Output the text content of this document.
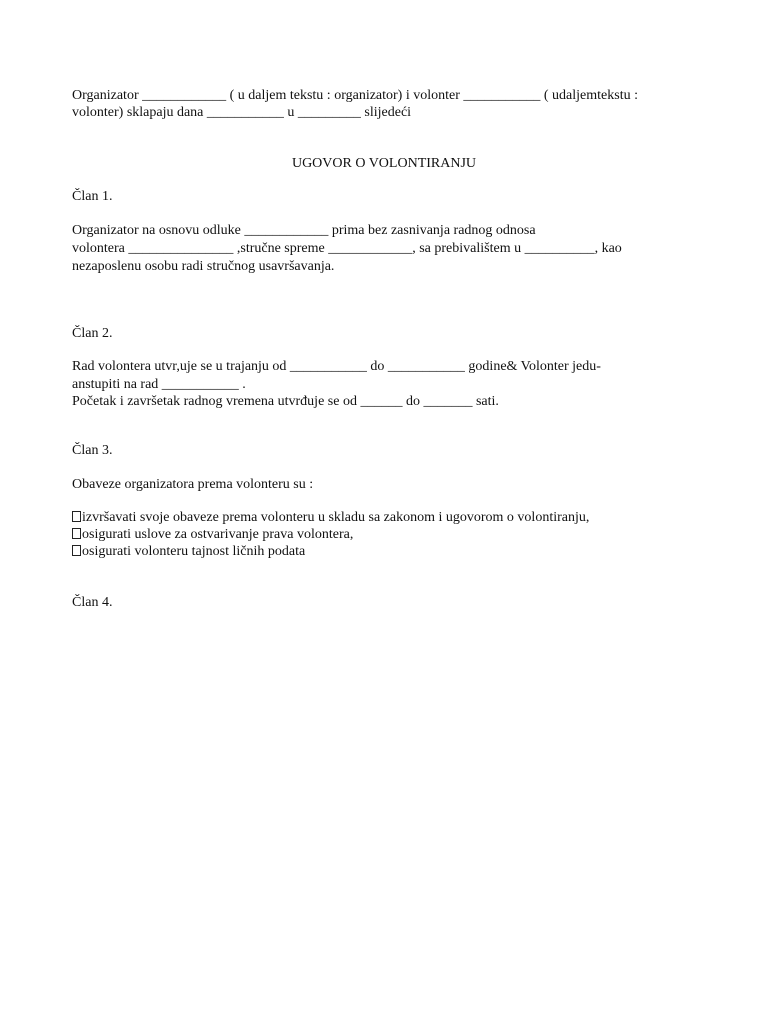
Organizator ____________ ( u daljem tekstu : organizator) i volonter ___________ ( udaljemtekstu :
volonter) sklapaju dana ___________ u _________ slijedeći
UGOVOR O VOLONTIRANJU
Član 1.
Organizator na osnovu odluke ____________ prima bez zasnivanja radnog odnosa
volontera _______________ ,stručne spreme ____________, sa prebivalištem u __________, kao
nezaposlenu osobu radi stručnog usavršavanja.
Član 2.
Rad volontera utvr,uje se u trajanju od ___________ do ___________ godine& Volonter jedu-
anstupiti na rad ___________ .
Početak i završetak radnog vremena utvrđuje se od ______ do _______ sati.
Član 3.
Obaveze organizatora prema volonteru su :
izvršavati svoje obaveze prema volonteru u skladu sa zakonom i ugovorom o volontiranju,
osigurati uslove za ostvarivanje prava volontera,
osigurati volonteru tajnost ličnih podata
Član 4.
